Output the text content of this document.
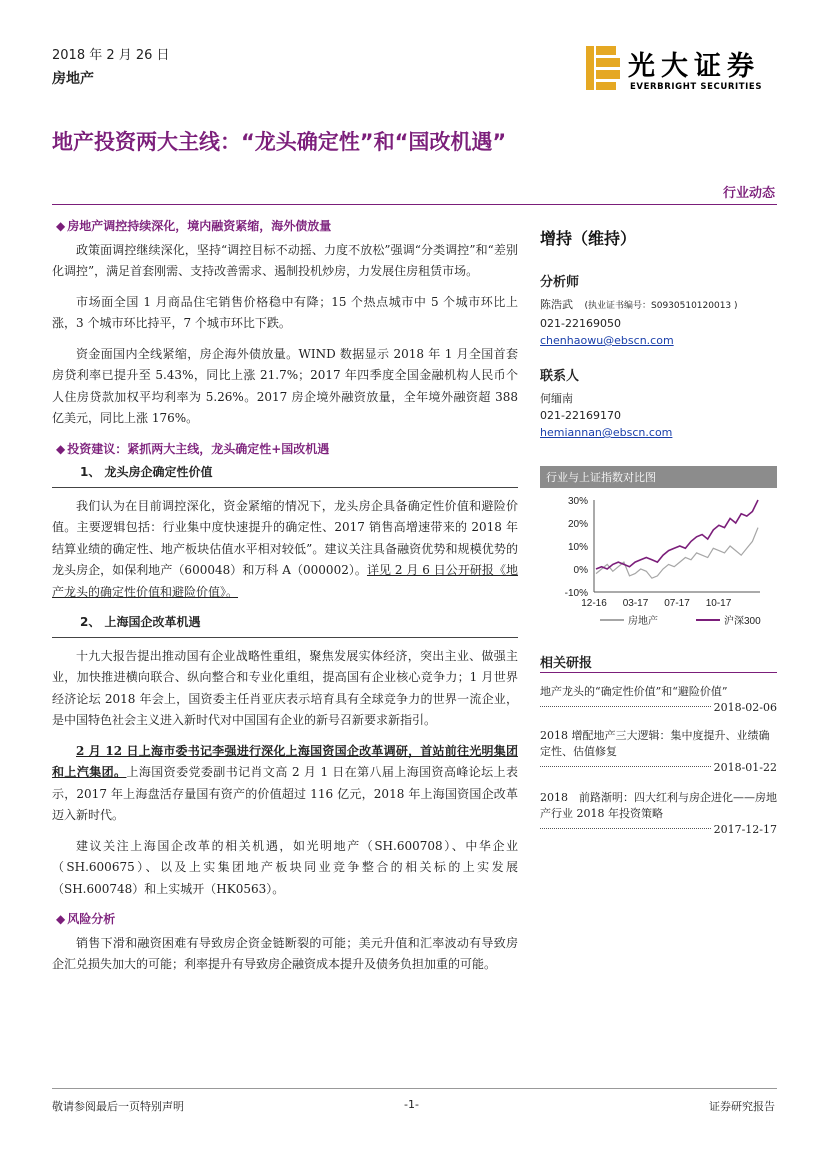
2018 年 2 月 26 日
房地产	光大证券
EVERBRIGHT SECURITIES
地产投资两大主线：“龙头确定性”和“国改机遇”
行业动态
◆ 房地产调控持续深化，境内融资紧缩，海外债放量

政策面调控继续深化，坚持“调控目标不动摇、力度不放松”强调“分类调控”和“差别化调控”，满足首套刚需、支持改善需求、遏制投机炒房，力发展住房租赁市场。

市场面全国 1 月商品住宅销售价格稳中有降；15 个热点城市中 5 个城市环比上涨，3 个城市环比持平，7 个城市环比下跌。

资金面国内全线紧缩，房企海外债放量。WIND 数据显示 2018 年 1 月全国首套房贷利率已提升至 5.43%，同比上涨 21.7%；2017 年四季度全国金融机构人民币个人住房贷款加权平均利率为 5.26%。2017 房企境外融资放量，全年境外融资超 388 亿美元，同比上涨 176%。

◆ 投资建议：紧抓两大主线，龙头确定性+国改机遇
1、 龙头房企确定性价值

我们认为在目前调控深化，资金紧缩的情况下，龙头房企具备确定性价值和避险价值。主要逻辑包括：行业集中度快速提升的确定性、2017 销售高增速带来的 2018 年结算业绩的确定性、地产板块估值水平相对较低”。建议关注具备融资优势和规模优势的龙头房企，如保利地产（600048）和万科 A（000002）。详见 2 月 6 日公开研报《地产龙头的确定性价值和避险价值》。

2、 上海国企改革机遇

十九大报告提出推动国有企业战略性重组，聚焦发展实体经济，突出主业、做强主业，加快推进横向联合、纵向整合和专业化重组，提高国有企业核心竞争力；1 月世界经济论坛 2018 年会上，国资委主任肖亚庆表示培育具有全球竞争力的世界一流企业，是中国特色社会主义进入新时代对中国国有企业的新号召新要求新指引。

2 月 12 日上海市委书记李强进行深化上海国资国企改革调研，首站前往光明集团和上汽集团。上海国资委党委副书记肖文高 2 月 1 日在第八届上海国资高峰论坛上表示，2017 年上海盘活存量国有资产的价值超过 116 亿元，2018 年上海国资国企改革迈入新时代。

建议关注上海国企改革的相关机遇，如光明地产（SH.600708）、中华企业（SH.600675）、以及上实集团地产板块同业竞争整合的相关标的上实发展（SH.600748）和上实城开（HK0563）。

◆ 风险分析

销售下滑和融资困难有导致房企资金链断裂的可能；美元升值和汇率波动有导致房企汇兑损失加大的可能；利率提升有导致房企融资成本提升及债务负担加重的可能。

增持（维持）
分析师
陈浩武 (执业证书编号：S0930510120013 )
021-22169050
chenhaowu@ebscn.com
联系人
何缅南
021-22169170
hemiannan@ebscn.com
行业与上证指数对比图
30%
20%
10%
0%
-10%
12-16 03-17 07-17 10-17
房地产	沪深300
相关研报
地产龙头的“确定性价值”和“避险价值”
2018-02-06
2018 增配地产三大逻辑：集中度提升、业绩确定性、估值修复
2018-01-22
2018　前路渐明：四大红利与房企进化——房地产行业 2018 年投资策略
2017-12-17
敬请参阅最后一页特别声明	-1-	证券研究报告
